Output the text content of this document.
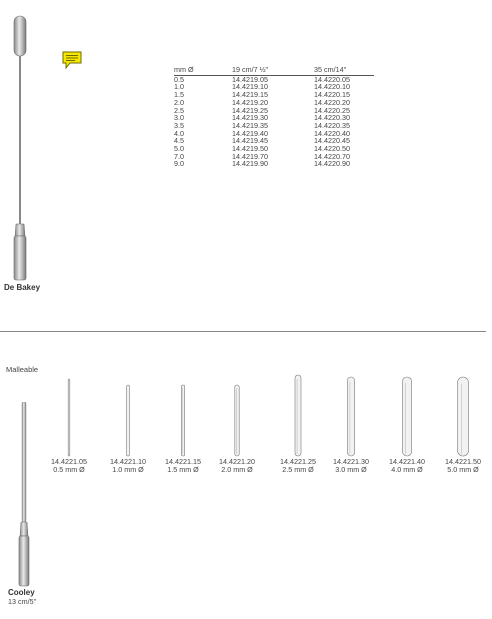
De Bakey
mm Ø	19 cm/7 ½"	35 cm/14"
0.5	14.4219.05	14.4220.05
1.0	14.4219.10	14.4220.10
1.5	14.4219.15	14.4220.15
2.0	14.4219.20	14.4220.20
2.5	14.4219.25	14.4220.25
3.0	14.4219.30	14.4220.30
3.5	14.4219.35	14.4220.35
4.0	14.4219.40	14.4220.40
4.5	14.4219.45	14.4220.45
5.0	14.4219.50	14.4220.50
7.0	14.4219.70	14.4220.70
9.0	14.4219.90	14.4220.90
Malleable
Cooley
13 cm/5"
14.4221.05
0.5 mm Ø
14.4221.10
1.0 mm Ø
14.4221.15
1.5 mm Ø
14.4221.20
2.0 mm Ø
14.4221.25
2.5 mm Ø
14.4221.30
3.0 mm Ø
14.4221.40
4.0 mm Ø
14.4221.50
5.0 mm Ø
